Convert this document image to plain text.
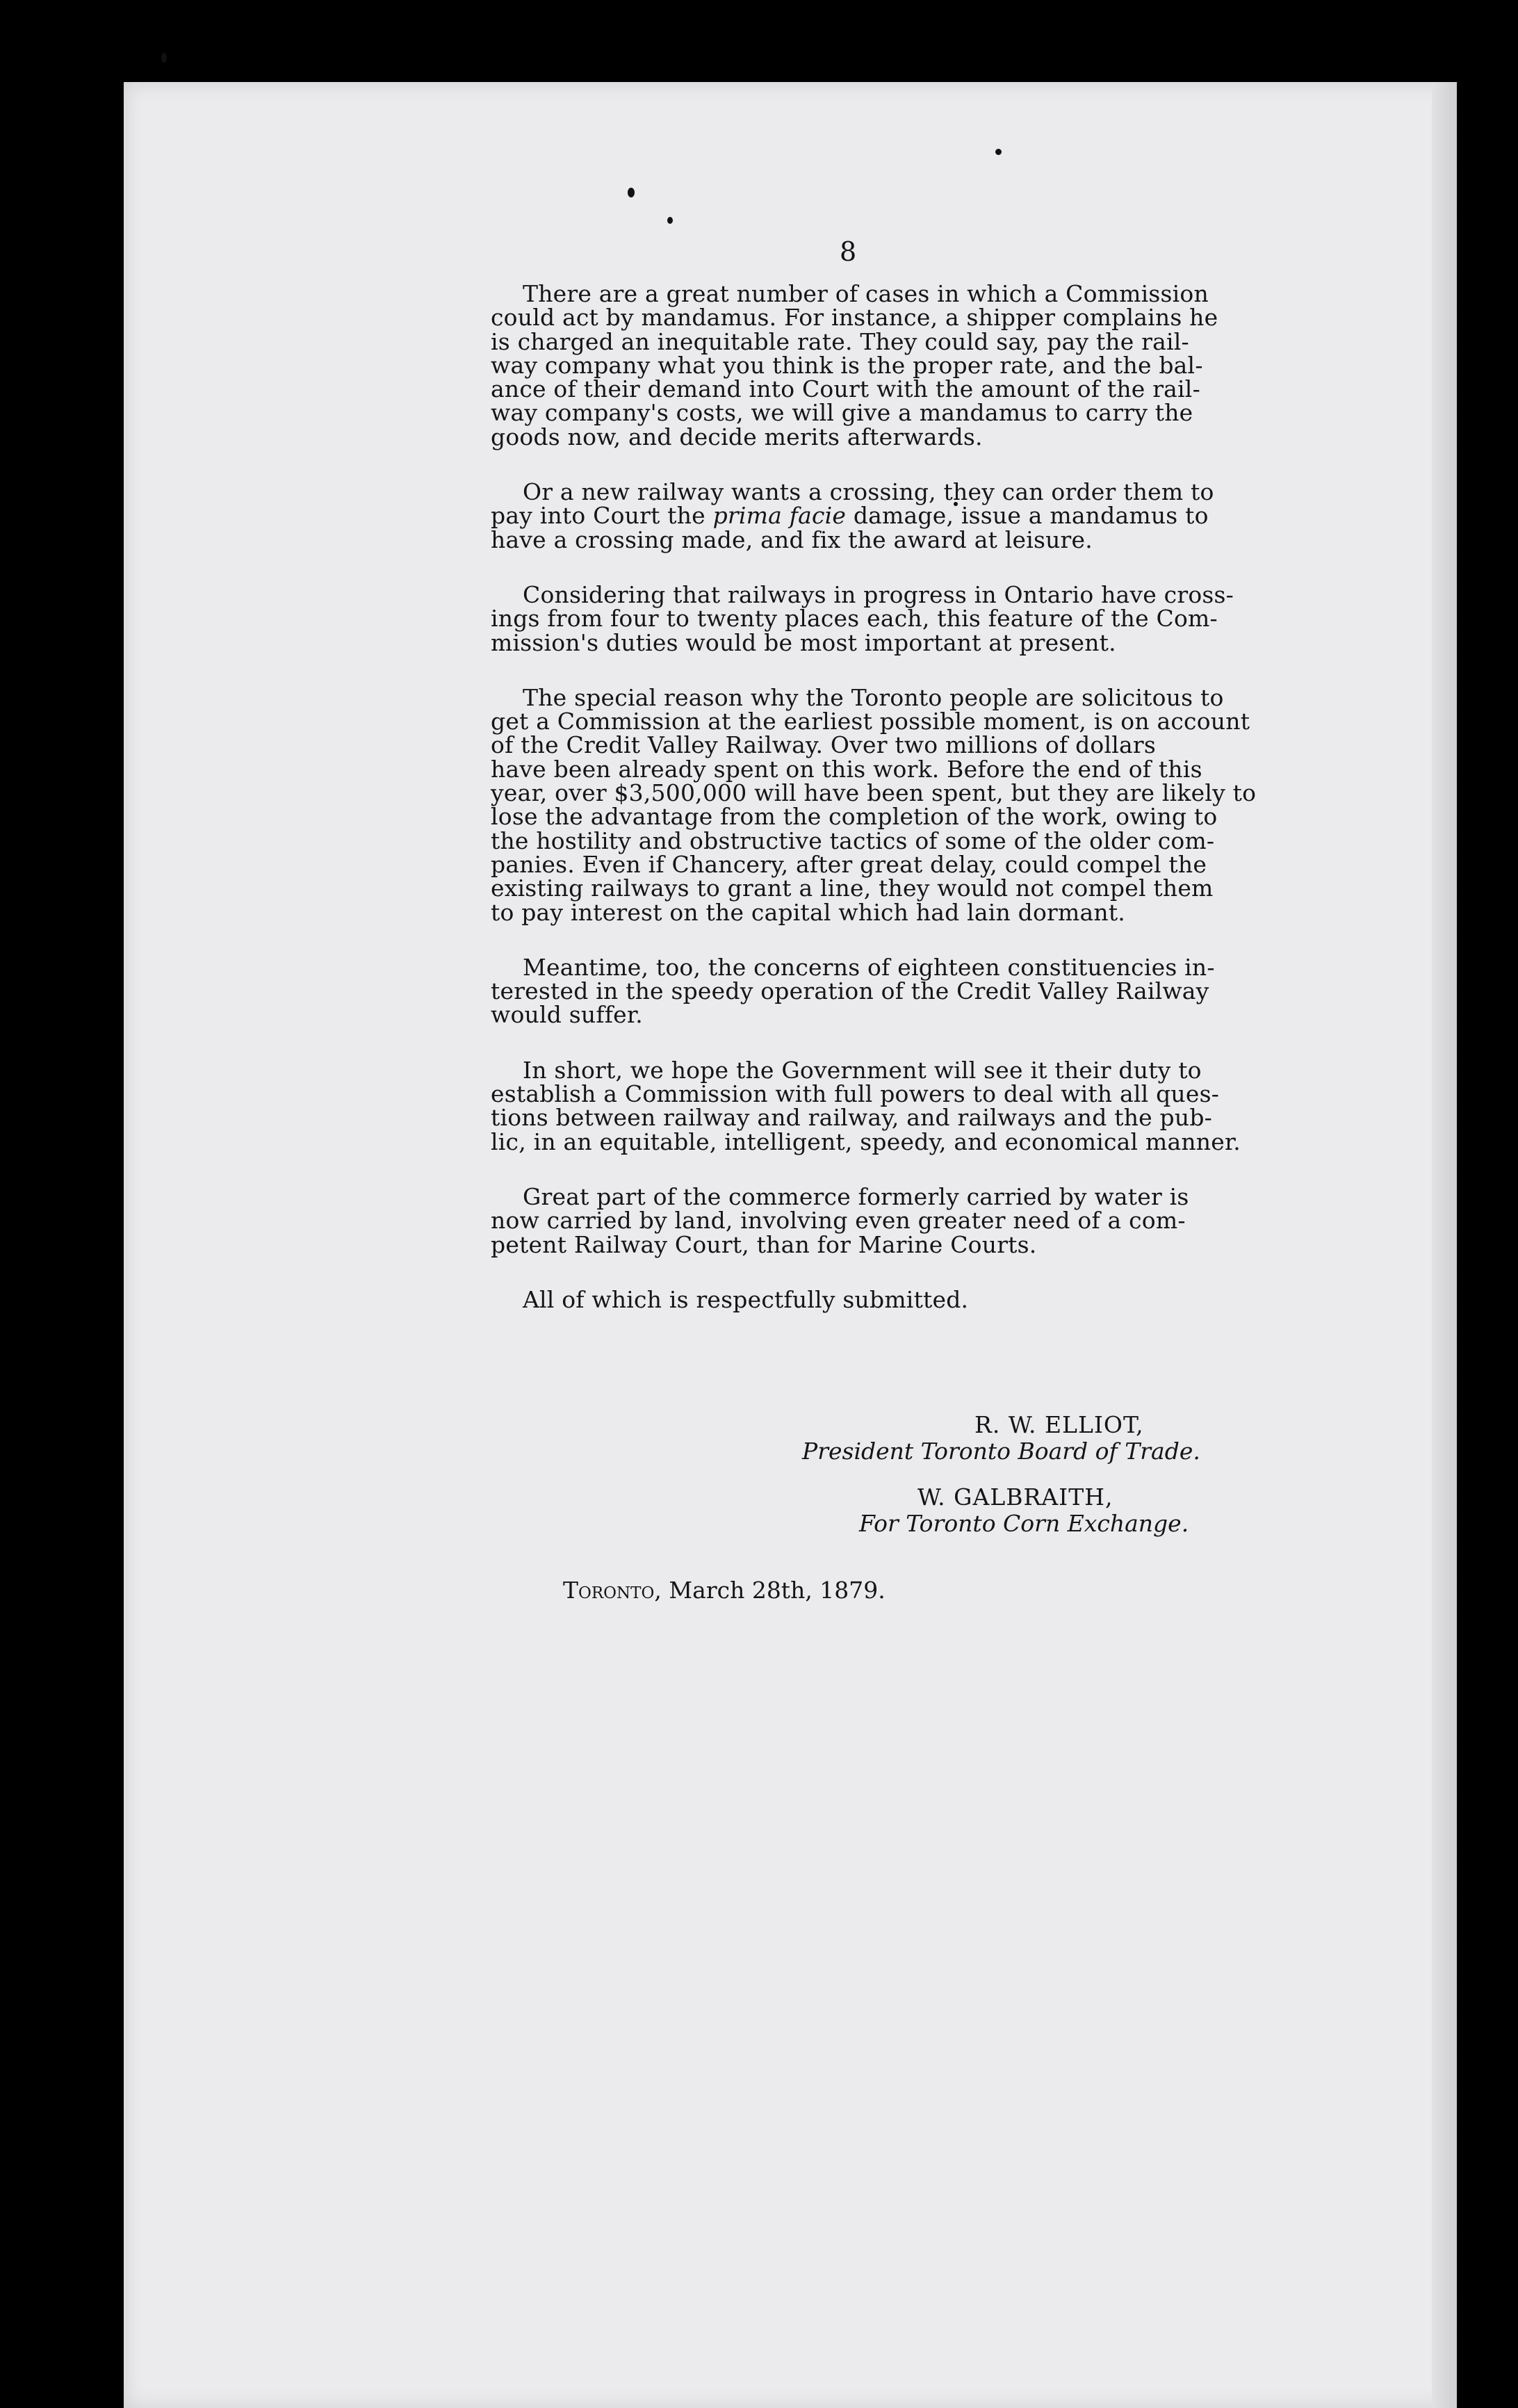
8

There are a great number of cases in which a Commission
could act by mandamus. For instance, a shipper complains he
is charged an inequitable rate. They could say, pay the rail-
way company what you think is the proper rate, and the bal-
ance of their demand into Court with the amount of the rail-
way company's costs, we will give a mandamus to carry the
goods now, and decide merits afterwards.

Or a new railway wants a crossing, they can order them to
pay into Court the prima facie damage, issue a mandamus to
have a crossing made, and fix the award at leisure.

Considering that railways in progress in Ontario have cross-
ings from four to twenty places each, this feature of the Com-
mission's duties would be most important at present.

The special reason why the Toronto people are solicitous to
get a Commission at the earliest possible moment, is on account
of the Credit Valley Railway. Over two millions of dollars
have been already spent on this work. Before the end of this
year, over $3,500,000 will have been spent, but they are likely to
lose the advantage from the completion of the work, owing to
the hostility and obstructive tactics of some of the older com-
panies. Even if Chancery, after great delay, could compel the
existing railways to grant a line, they would not compel them
to pay interest on the capital which had lain dormant.

Meantime, too, the concerns of eighteen constituencies in-
terested in the speedy operation of the Credit Valley Railway
would suffer.

In short, we hope the Government will see it their duty to
establish a Commission with full powers to deal with all ques-
tions between railway and railway, and railways and the pub-
lic, in an equitable, intelligent, speedy, and economical manner.

Great part of the commerce formerly carried by water is
now carried by land, involving even greater need of a com-
petent Railway Court, than for Marine Courts.

All of which is respectfully submitted.

R. W. ELLIOT,
President Toronto Board of Trade.
W. GALBRAITH,
For Toronto Corn Exchange.
Toronto, March 28th, 1879.
